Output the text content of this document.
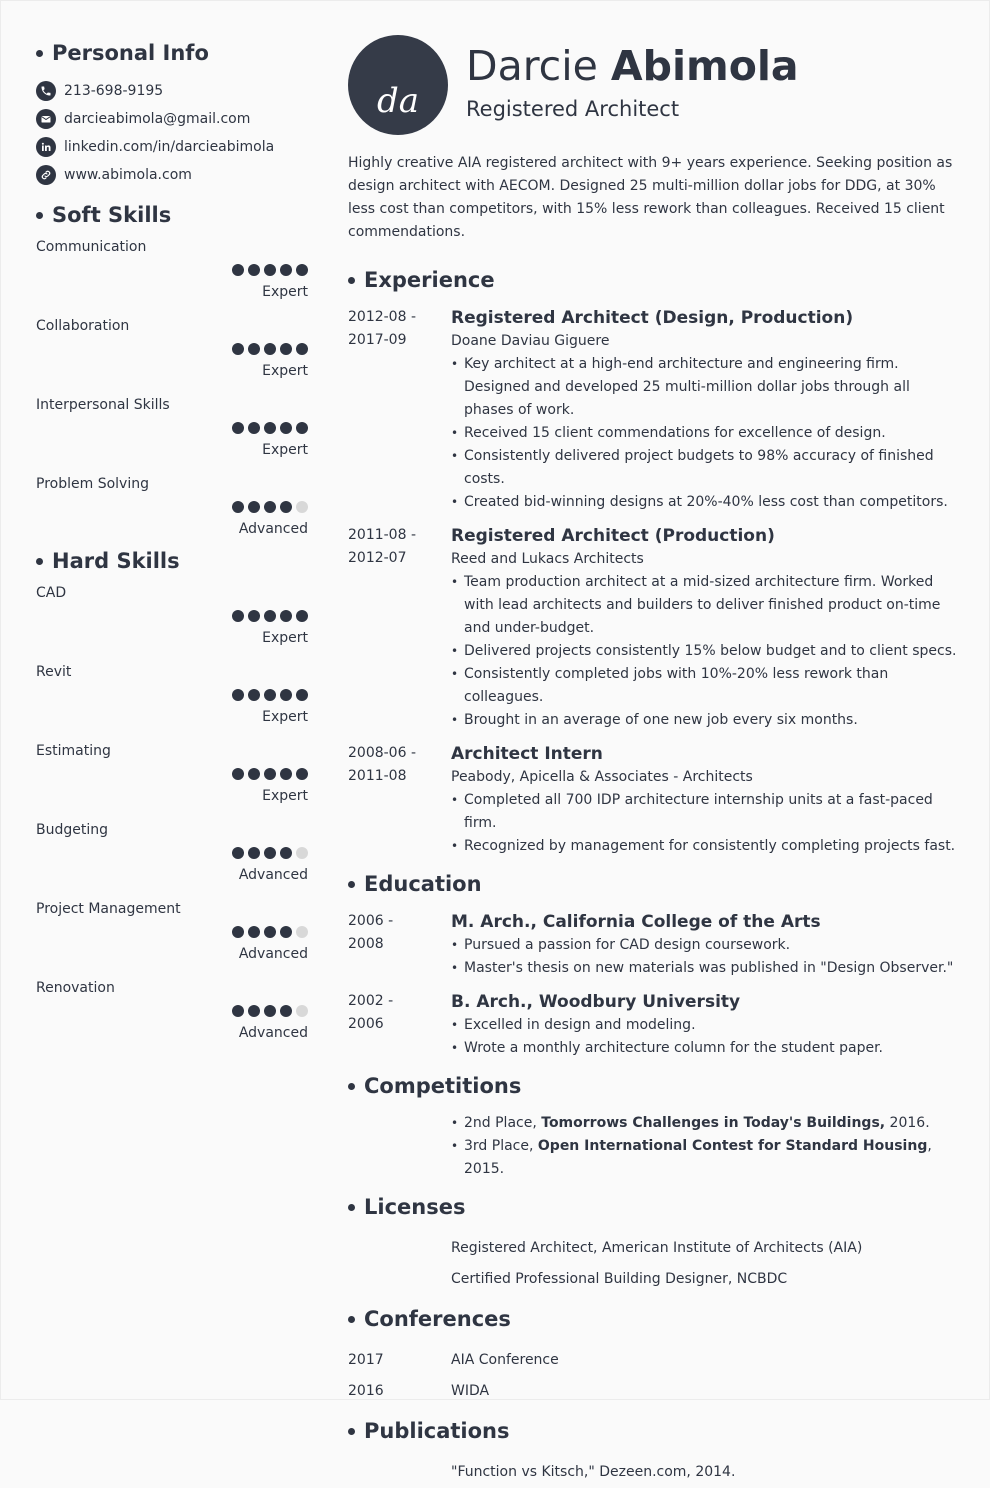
Personal Info
213-698-9195
darcieabimola@gmail.com
linkedin.com/in/darcieabimola
www.abimola.com
Soft Skills
Communication
Expert
Collaboration
Expert
Interpersonal Skills
Expert
Problem Solving
Advanced
Hard Skills
CAD
Expert
Revit
Expert
Estimating
Expert
Budgeting
Advanced
Project Management
Advanced
Renovation
Advanced
da
Darcie Abimola
Registered Architect
Highly creative AIA registered architect with 9+ years experience. Seeking position as design architect with AECOM. Designed 25 multi-million dollar jobs for DDG, at 30% less cost than competitors, with 15% less rework than colleagues. Received 15 client commendations.
Experience
2012-08 -
2017-09
Registered Architect (Design, Production)
Doane Daviau Giguere
• Key architect at a high-end architecture and engineering firm. Designed and developed 25 multi-million dollar jobs through all phases of work.
• Received 15 client commendations for excellence of design.
• Consistently delivered project budgets to 98% accuracy of finished costs.
• Created bid-winning designs at 20%-40% less cost than competitors.
2011-08 -
2012-07
Registered Architect (Production)
Reed and Lukacs Architects
• Team production architect at a mid-sized architecture firm. Worked with lead architects and builders to deliver finished product on-time and under-budget.
• Delivered projects consistently 15% below budget and to client specs.
• Consistently completed jobs with 10%-20% less rework than colleagues.
• Brought in an average of one new job every six months.
2008-06 -
2011-08
Architect Intern
Peabody, Apicella & Associates - Architects
• Completed all 700 IDP architecture internship units at a fast-paced firm.
• Recognized by management for consistently completing projects fast.
Education
2006 -
2008
M. Arch., California College of the Arts
• Pursued a passion for CAD design coursework.
• Master's thesis on new materials was published in "Design Observer."
2002 -
2006
B. Arch., Woodbury University
• Excelled in design and modeling.
• Wrote a monthly architecture column for the student paper.
Competitions
• 2nd Place, Tomorrows Challenges in Today's Buildings, 2016.
• 3rd Place, Open International Contest for Standard Housing, 2015.
Licenses
Registered Architect, American Institute of Architects (AIA)
Certified Professional Building Designer, NCBDC
Conferences
2017	AIA Conference
2016	WIDA
Publications
"Function vs Kitsch," Dezeen.com, 2014.
